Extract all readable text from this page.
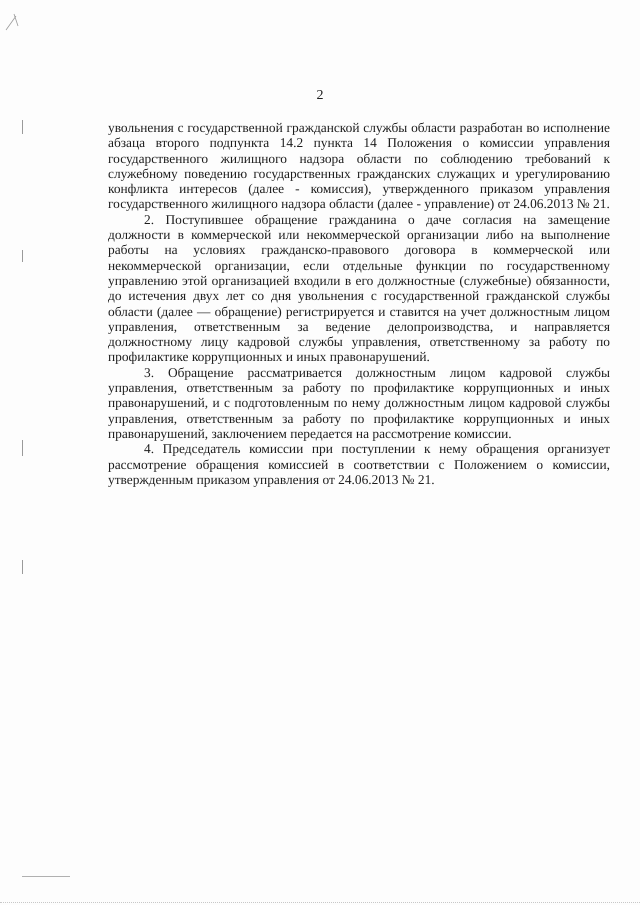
2

увольнения с государственной гражданской службы области разработан во исполнение абзаца второго подпункта 14.2 пункта 14 Положения о комиссии управления государственного жилищного надзора области по соблюдению требований к служебному поведению государственных гражданских служащих и урегулированию конфликта интересов (далее - комиссия), утвержденного приказом управления государственного жилищного надзора области (далее - управление) от 24.06.2013 № 21.

2. Поступившее обращение гражданина о даче согласия на замещение должности в коммерческой или некоммерческой организации либо на выполнение работы на условиях гражданско-правового договора в коммерческой или некоммерческой организации, если отдельные функции по государственному управлению этой организацией входили в его должностные (служебные) обязанности, до истечения двух лет со дня увольнения с государственной гражданской службы области (далее — обращение) регистрируется и ставится на учет должностным лицом управления, ответственным за ведение делопроизводства, и направляется должностному лицу кадровой службы управления, ответственному за работу по профилактике коррупционных и иных правонарушений.

3. Обращение рассматривается должностным лицом кадровой службы управления, ответственным за работу по профилактике коррупционных и иных правонарушений, и с подготовленным по нему должностным лицом кадровой службы управления, ответственным за работу по профилактике коррупционных и иных правонарушений, заключением передается на рассмотрение комиссии.

4. Председатель комиссии при поступлении к нему обращения организует рассмотрение обращения комиссией в соответствии с Положением о комиссии, утвержденным приказом управления от 24.06.2013 № 21.
